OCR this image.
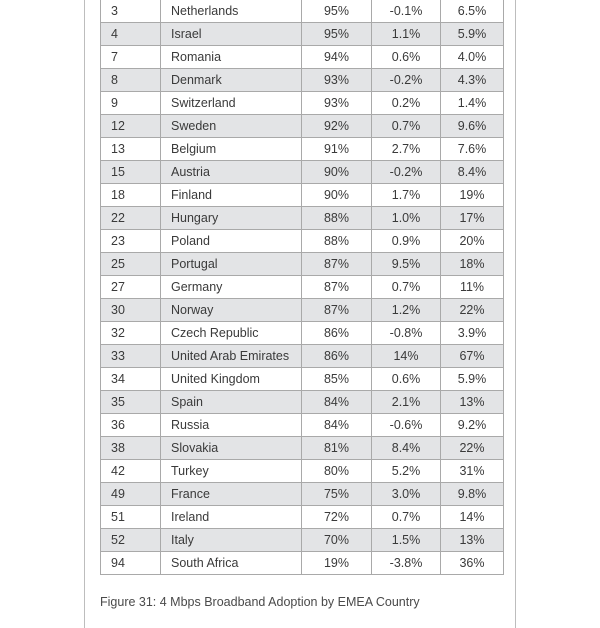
3	Netherlands	95%	-0.1%	6.5%
4	Israel	95%	1.1%	5.9%
7	Romania	94%	0.6%	4.0%
8	Denmark	93%	-0.2%	4.3%
9	Switzerland	93%	0.2%	1.4%
12	Sweden	92%	0.7%	9.6%
13	Belgium	91%	2.7%	7.6%
15	Austria	90%	-0.2%	8.4%
18	Finland	90%	1.7%	19%
22	Hungary	88%	1.0%	17%
23	Poland	88%	0.9%	20%
25	Portugal	87%	9.5%	18%
27	Germany	87%	0.7%	11%
30	Norway	87%	1.2%	22%
32	Czech Republic	86%	-0.8%	3.9%
33	United Arab Emirates	86%	14%	67%
34	United Kingdom	85%	0.6%	5.9%
35	Spain	84%	2.1%	13%
36	Russia	84%	-0.6%	9.2%
38	Slovakia	81%	8.4%	22%
42	Turkey	80%	5.2%	31%
49	France	75%	3.0%	9.8%
51	Ireland	72%	0.7%	14%
52	Italy	70%	1.5%	13%
94	South Africa	19%	-3.8%	36%
Figure 31: 4 Mbps Broadband Adoption by EMEA Country
